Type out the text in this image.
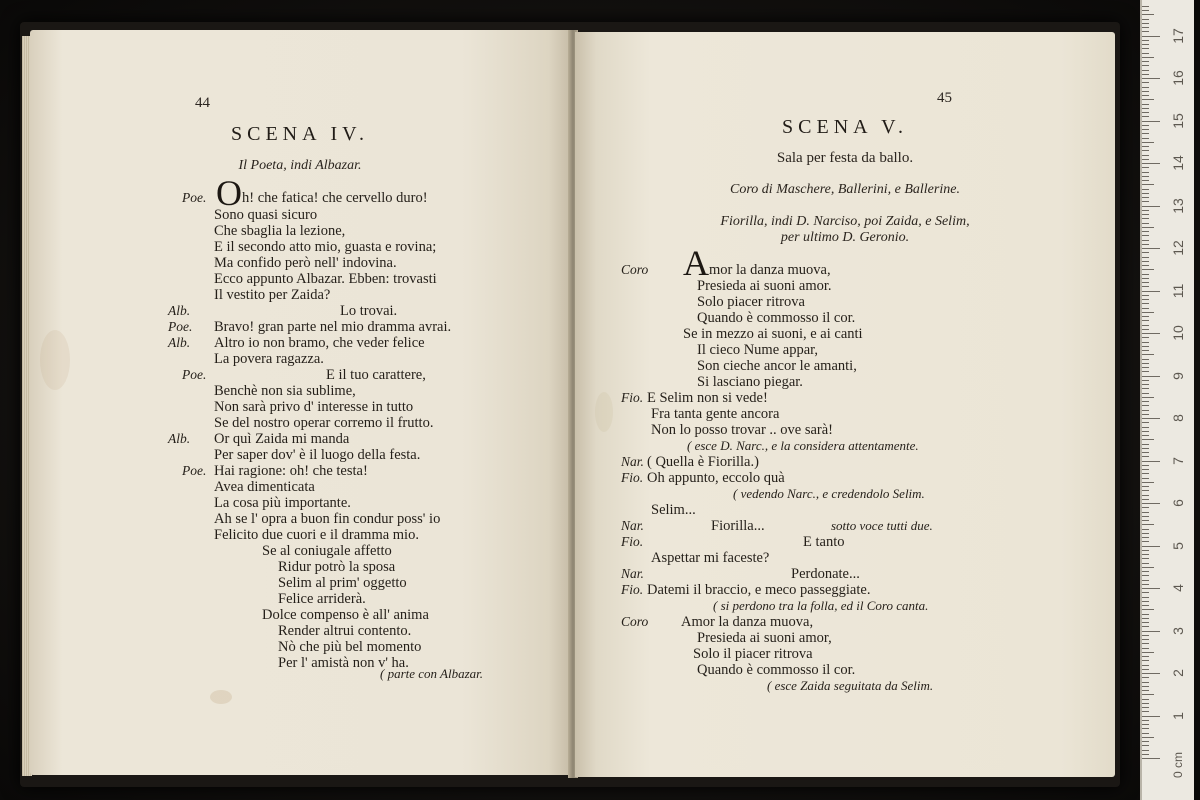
44
SCENA IV.
Il Poeta, indi Albazar.
O
Poe. h! che fatica! che cervello duro!
Sono quasi sicuro
Che sbaglia la lezione,
E il secondo atto mio, guasta e rovina;
Ma confido però nell' indovina.
Ecco appunto Albazar. Ebben: trovasti
Il vestito per Zaida?
Alb.	Lo trovai.
Poe. Bravo! gran parte nel mio dramma avrai.
Alb. Altro io non bramo, che veder felice
La povera ragazza.
Poe.	E il tuo carattere,
Benchè non sia sublime,
Non sarà privo d' interesse in tutto
Se del nostro operar corremo il frutto.
Alb. Or quì Zaida mi manda
Per saper dov' è il luogo della festa.
Poe. Hai ragione: oh! che testa!
Avea dimenticata
La cosa più importante.
Ah se l' opra a buon fin condur poss' io
Felicito due cuori e il dramma mio.
Se al coniugale affetto
Ridur potrò la sposa
Selim al prim' oggetto
Felice arriderà.
Dolce compenso è all' anima
Render altrui contento.
Nò che più bel momento
Per l' amistà non v' ha.
( parte con Albazar.
45
SCENA V.
Sala per festa da ballo.
Coro di Maschere, Ballerini, e Ballerine.
Fiorilla, indi D. Narciso, poi Zaida, e Selim,
per ultimo D. Geronio.
A
Coro	mor la danza muova,
Presieda ai suoni amor.
Solo piacer ritrova
Quando è commosso il cor.
Se in mezzo ai suoni, e ai canti
Il cieco Nume appar,
Son cieche ancor le amanti,
Si lasciano piegar.
Fio. E Selim non si vede!
Fra tanta gente ancora
Non lo posso trovar .. ove sarà!
( esce D. Narc., e la considera attentamente.
Nar. ( Quella è Fiorilla.)
Fio. Oh appunto, eccolo quà
( vedendo Narc., e credendolo Selim.
Selim...
Nar.	Fiorilla...	sotto voce tutti due.
Fio.	E tanto
Aspettar mi faceste?
Nar.	Perdonate...
Fio. Datemi il braccio, e meco passeggiate.
( si perdono tra la folla, ed il Coro canta.
Coro Amor la danza muova,
Presieda ai suoni amor,
Solo il piacer ritrova
Quando è commosso il cor.
( esce Zaida seguitata da Selim.
1
2
3
4
5
6
7
8
9
10
11
12
13
14
15
16
17
0 cm
